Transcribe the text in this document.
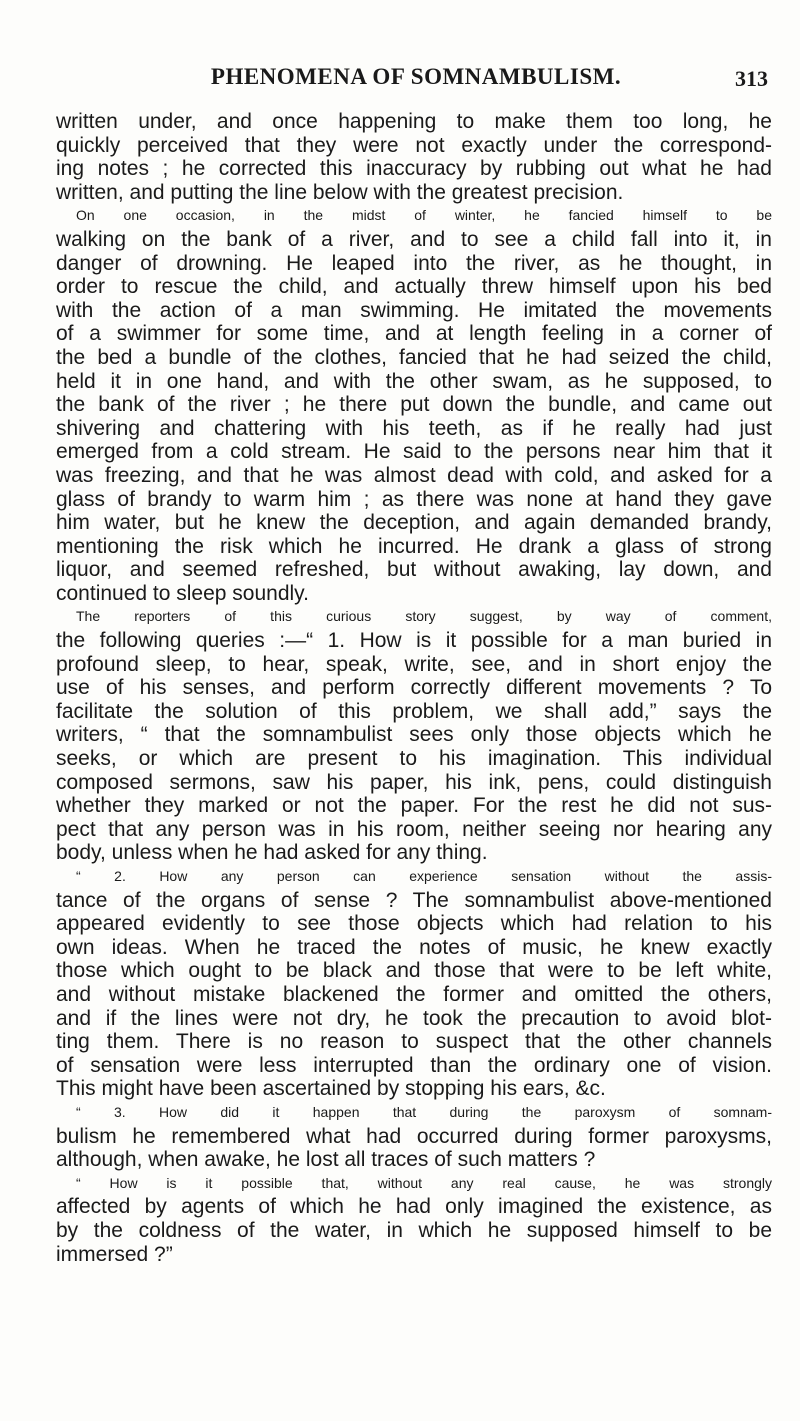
PHENOMENA OF SOMNAMBULISM.	313
written under, and once happening to make them too long, he
quickly perceived that they were not exactly under the correspond-
ing notes ; he corrected this inaccuracy by rubbing out what he had
written, and putting the line below with the greatest precision.
On one occasion, in the midst of winter, he fancied himself to be
walking on the bank of a river, and to see a child fall into it, in
danger of drowning. He leaped into the river, as he thought, in
order to rescue the child, and actually threw himself upon his bed
with the action of a man swimming. He imitated the movements
of a swimmer for some time, and at length feeling in a corner of
the bed a bundle of the clothes, fancied that he had seized the child,
held it in one hand, and with the other swam, as he supposed, to
the bank of the river ; he there put down the bundle, and came out
shivering and chattering with his teeth, as if he really had just
emerged from a cold stream. He said to the persons near him that it
was freezing, and that he was almost dead with cold, and asked for a
glass of brandy to warm him ; as there was none at hand they gave
him water, but he knew the deception, and again demanded brandy,
mentioning the risk which he incurred. He drank a glass of strong
liquor, and seemed refreshed, but without awaking, lay down, and
continued to sleep soundly.
The reporters of this curious story suggest, by way of comment,
the following queries :—“ 1. How is it possible for a man buried in
profound sleep, to hear, speak, write, see, and in short enjoy the
use of his senses, and perform correctly different movements ? To
facilitate the solution of this problem, we shall add,” says the
writers, “ that the somnambulist sees only those objects which he
seeks, or which are present to his imagination. This individual
composed sermons, saw his paper, his ink, pens, could distinguish
whether they marked or not the paper. For the rest he did not sus-
pect that any person was in his room, neither seeing nor hearing any
body, unless when he had asked for any thing.
“ 2. How any person can experience sensation without the assis-
tance of the organs of sense ? The somnambulist above-mentioned
appeared evidently to see those objects which had relation to his
own ideas. When he traced the notes of music, he knew exactly
those which ought to be black and those that were to be left white,
and without mistake blackened the former and omitted the others,
and if the lines were not dry, he took the precaution to avoid blot-
ting them. There is no reason to suspect that the other channels
of sensation were less interrupted than the ordinary one of vision.
This might have been ascertained by stopping his ears, &c.
“ 3. How did it happen that during the paroxysm of somnam-
bulism he remembered what had occurred during former paroxysms,
although, when awake, he lost all traces of such matters ?
“ How is it possible that, without any real cause, he was strongly
affected by agents of which he had only imagined the existence, as
by the coldness of the water, in which he supposed himself to be
immersed ?”
